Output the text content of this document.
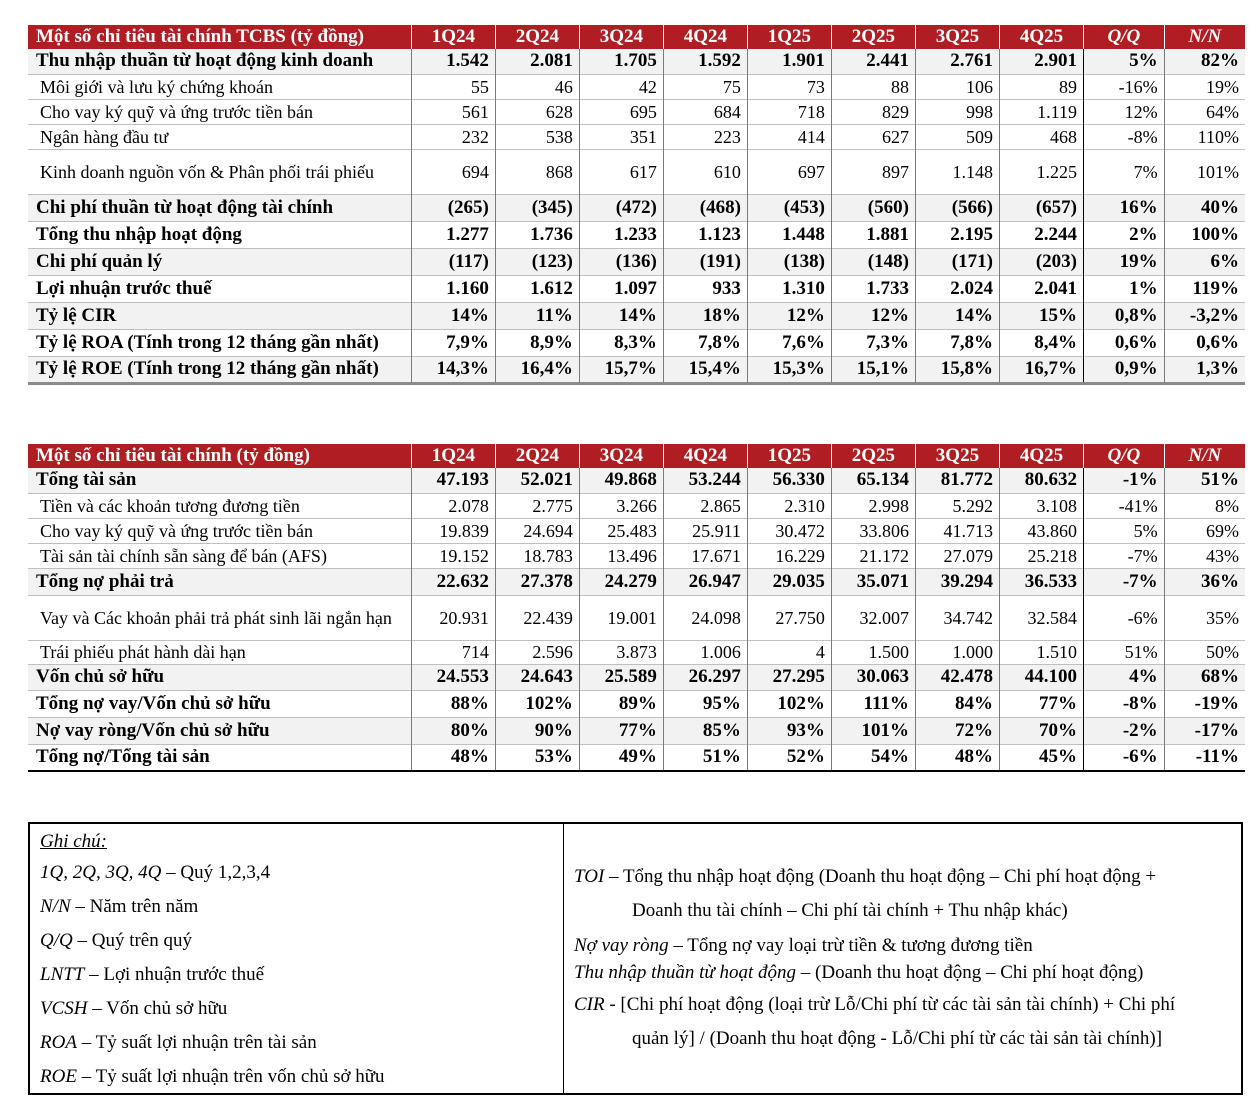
Một số chỉ tiêu tài chính TCBS (tỷ đồng)	1Q24	2Q24	3Q24	4Q24	1Q25	2Q25	3Q25	4Q25	Q/Q	N/N
Thu nhập thuần từ hoạt động kinh doanh	1.542	2.081	1.705	1.592	1.901	2.441	2.761	2.901	5%	82%
Môi giới và lưu ký chứng khoán	55	46	42	75	73	88	106	89	-16%	19%
Cho vay ký quỹ và ứng trước tiền bán	561	628	695	684	718	829	998	1.119	12%	64%
Ngân hàng đầu tư	232	538	351	223	414	627	509	468	-8%	110%
Kinh doanh nguồn vốn & Phân phối trái phiếu	694	868	617	610	697	897	1.148	1.225	7%	101%
Chi phí thuần từ hoạt động tài chính	(265)	(345)	(472)	(468)	(453)	(560)	(566)	(657)	16%	40%
Tổng thu nhập hoạt động	1.277	1.736	1.233	1.123	1.448	1.881	2.195	2.244	2%	100%
Chi phí quản lý	(117)	(123)	(136)	(191)	(138)	(148)	(171)	(203)	19%	6%
Lợi nhuận trước thuế	1.160	1.612	1.097	933	1.310	1.733	2.024	2.041	1%	119%
Tỷ lệ CIR	14%	11%	14%	18%	12%	12%	14%	15%	0,8%	-3,2%
Tỷ lệ ROA (Tính trong 12 tháng gần nhất)	7,9%	8,9%	8,3%	7,8%	7,6%	7,3%	7,8%	8,4%	0,6%	0,6%
Tỷ lệ ROE (Tính trong 12 tháng gần nhất)	14,3%	16,4%	15,7%	15,4%	15,3%	15,1%	15,8%	16,7%	0,9%	1,3%
Một số chỉ tiêu tài chính (tỷ đồng)	1Q24	2Q24	3Q24	4Q24	1Q25	2Q25	3Q25	4Q25	Q/Q	N/N
Tổng tài sản	47.193	52.021	49.868	53.244	56.330	65.134	81.772	80.632	-1%	51%
Tiền và các khoản tương đương tiền	2.078	2.775	3.266	2.865	2.310	2.998	5.292	3.108	-41%	8%
Cho vay ký quỹ và ứng trước tiền bán	19.839	24.694	25.483	25.911	30.472	33.806	41.713	43.860	5%	69%
Tài sản tài chính sẵn sàng để bán (AFS)	19.152	18.783	13.496	17.671	16.229	21.172	27.079	25.218	-7%	43%
Tổng nợ phải trả	22.632	27.378	24.279	26.947	29.035	35.071	39.294	36.533	-7%	36%
Vay và Các khoản phải trả phát sinh lãi ngắn hạn	20.931	22.439	19.001	24.098	27.750	32.007	34.742	32.584	-6%	35%
Trái phiếu phát hành dài hạn	714	2.596	3.873	1.006	4	1.500	1.000	1.510	51%	50%
Vốn chủ sở hữu	24.553	24.643	25.589	26.297	27.295	30.063	42.478	44.100	4%	68%
Tổng nợ vay/Vốn chủ sở hữu	88%	102%	89%	95%	102%	111%	84%	77%	-8%	-19%
Nợ vay ròng/Vốn chủ sở hữu	80%	90%	77%	85%	93%	101%	72%	70%	-2%	-17%
Tổng nợ/Tổng tài sản	48%	53%	49%	51%	52%	54%	48%	45%	-6%	-11%
Ghi chú:
1Q, 2Q, 3Q, 4Q – Quý 1,2,3,4
N/N – Năm trên năm
Q/Q – Quý trên quý
LNTT – Lợi nhuận trước thuế
VCSH – Vốn chủ sở hữu
ROA – Tỷ suất lợi nhuận trên tài sản
ROE – Tỷ suất lợi nhuận trên vốn chủ sở hữu
TOI – Tổng thu nhập hoạt động (Doanh thu hoạt động – Chi phí hoạt động +
Doanh thu tài chính – Chi phí tài chính + Thu nhập khác)
Nợ vay ròng – Tổng nợ vay loại trừ tiền & tương đương tiền
Thu nhập thuần từ hoạt động – (Doanh thu hoạt động – Chi phí hoạt động)
CIR - [Chi phí hoạt động (loại trừ Lỗ/Chi phí từ các tài sản tài chính) + Chi phí
quản lý] / (Doanh thu hoạt động - Lỗ/Chi phí từ các tài sản tài chính)]
